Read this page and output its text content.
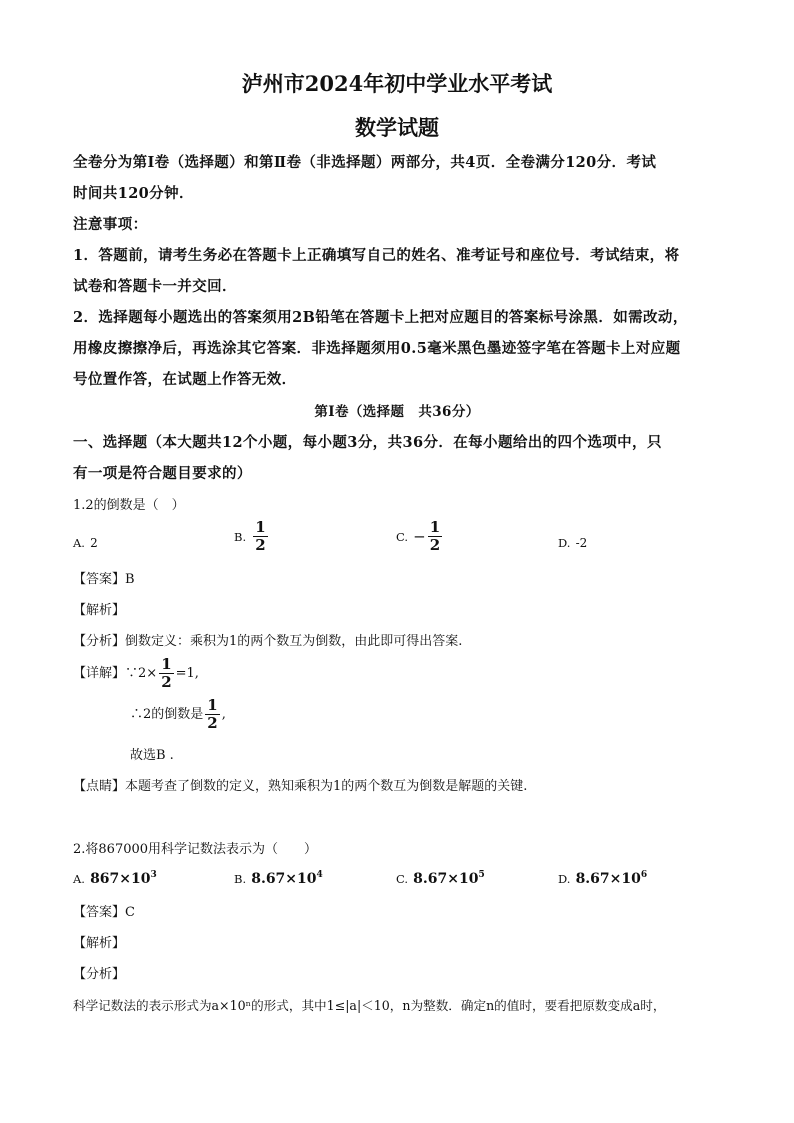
泸州市2024年初中学业水平考试
数学试题
全卷分为第Ⅰ卷（选择题）和第Ⅱ卷（非选择题）两部分，共4页．全卷满分120分．考试
时间共120分钟．
注意事项：
1．答题前，请考生务必在答题卡上正确填写自己的姓名、准考证号和座位号．考试结束，将
试卷和答题卡一并交回．
2．选择题每小题选出的答案须用2B铅笔在答题卡上把对应题目的答案标号涂黑．如需改动，
用橡皮擦擦净后，再选涂其它答案．非选择题须用0.5毫米黑色墨迹签字笔在答题卡上对应题
号位置作答，在试题上作答无效．
第Ⅰ卷（选择题　共36分）
一、选择题（本大题共12个小题，每小题3分，共36分．在每小题给出的四个选项中，只
有一项是符合题目要求的）
1.2的倒数是（　）
A. 2	B. $\frac{1}{2}$	C. − $\frac{1}{2}$	D. -2
【答案】B
【解析】
【分析】倒数定义：乘积为1的两个数互为倒数，由此即可得出答案.
【详解】∵2× $\frac{1}{2} =1$,
∴2的倒数是 $\frac{1}{2}$ ,
故选B .
【点睛】本题考查了倒数的定义，熟知乘积为1的两个数互为倒数是解题的关键.
2.将867000用科学记数法表示为（　　）
A. $867\times 10^3$	B. $8.67\times 10^4$	C. $8.67\times 10^5$	D. $8.67\times 10^6$
【答案】C
【解析】
【分析】
科学记数法的表示形式为a×10ⁿ的形式，其中1≤|a|＜10，n为整数．确定n的值时，要看把原数变成a时，
